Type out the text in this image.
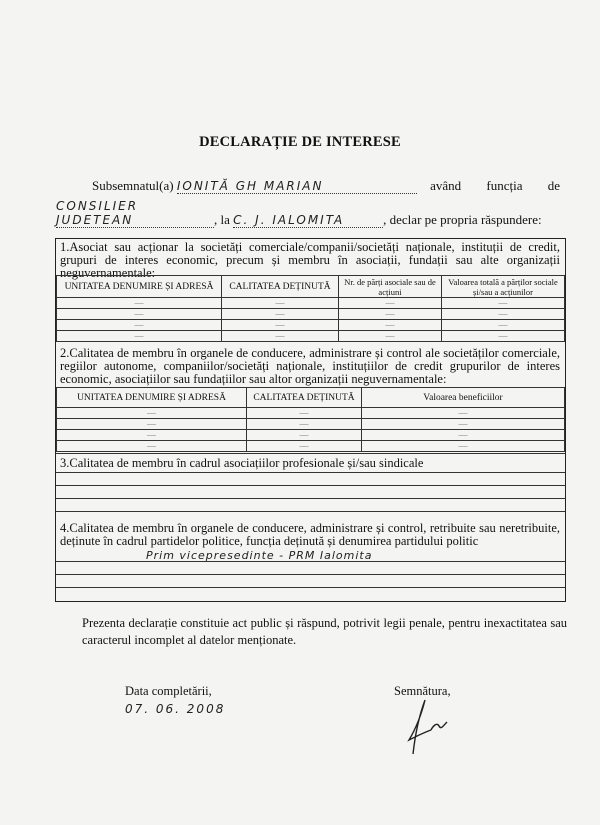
DECLARAȚIE DE INTERESE
Subsemnatul(a) IONITĂ GH MARIAN	având funcția de
CONSILIER JUDETEAN	, la C. J. IALOMITA	, declar pe propria răspundere:
1.Asociat sau acționar la societăți comerciale/companii/societăți naționale, instituții de credit, grupuri de interes economic, precum și membru în asociații, fundații sau alte organizații neguvernamentale:
UNITATEA DENUMIRE ȘI ADRESĂ	CALITATEA DEȚINUTĂ	Nr. de părți asociale sau de acțiuni	Valoarea totală a părților sociale și/sau a acțiunilor
—	—	—	—
—	—	—	—
—	—	—	—
—	—	—	—
2.Calitatea de membru în organele de conducere, administrare și control ale societăților comerciale, regiilor autonome, companiilor/societăți naționale, instituțiilor de credit grupurilor de interes economic, asociațiilor sau fundațiilor sau altor organizații neguvernamentale:
UNITATEA DENUMIRE ȘI ADRESĂ	CALITATEA DEȚINUTĂ	Valoarea beneficiilor
—	—	—
—	—	—
—	—	—
—	—	—
3.Calitatea de membru în cadrul asociațiilor profesionale și/sau sindicale
4.Calitatea de membru în organele de conducere, administrare și control, retribuite sau neretribuite, deținute în cadrul partidelor politice, funcția deținută și denumirea partidului politic
Prim vicepresedinte - PRM Ialomita
Prezenta declarație constituie act public și răspund, potrivit legii penale, pentru inexactitatea sau caracterul incomplet al datelor menționate.
Data completării,
07. 06. 2008
Semnătura,
